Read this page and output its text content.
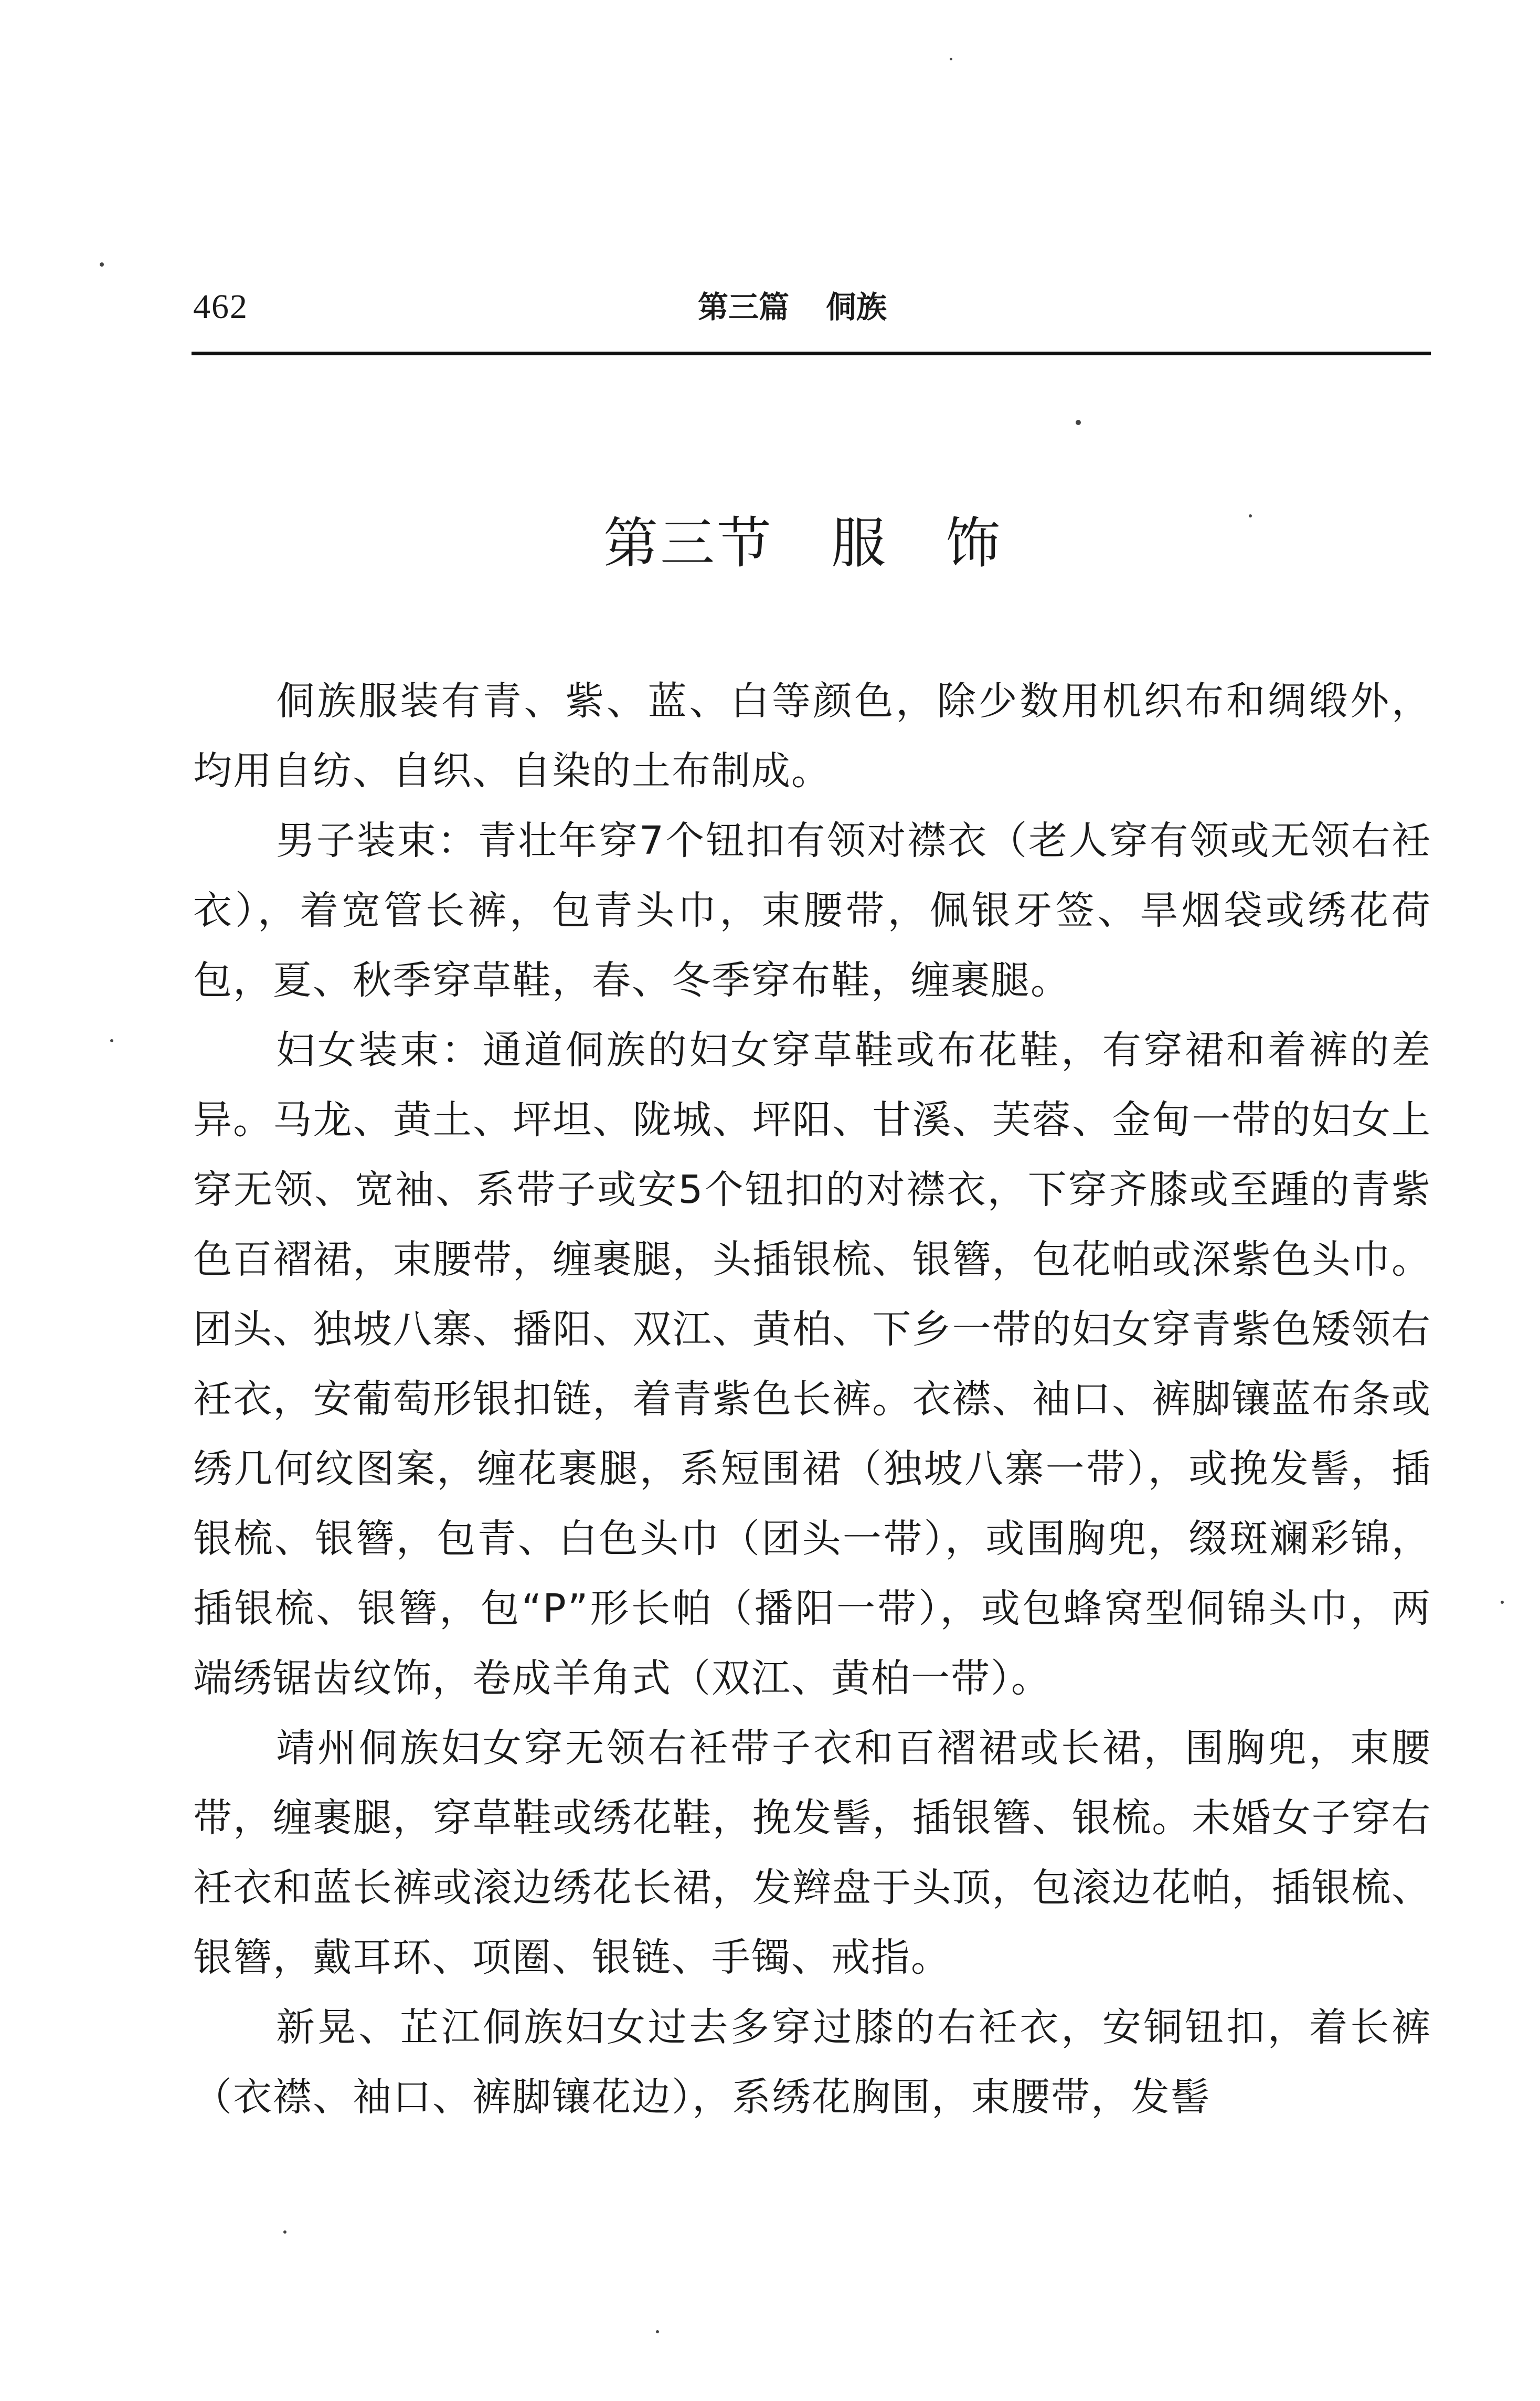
462	第三篇 侗族
第三节 服 饰

侗族服装有青、紫、蓝、白等颜色，除少数用机织布和绸缎外，均用自纺、自织、自染的土布制成。

男子装束：青壮年穿7个钮扣有领对襟衣（老人穿有领或无领右衽衣），着宽管长裤，包青头巾，束腰带，佩银牙签、旱烟袋或绣花荷包，夏、秋季穿草鞋，春、冬季穿布鞋，缠裹腿。

妇女装束：通道侗族的妇女穿草鞋或布花鞋，有穿裙和着裤的差异。马龙、黄土、坪坦、陇城、坪阳、甘溪、芙蓉、金甸一带的妇女上穿无领、宽袖、系带子或安5个钮扣的对襟衣，下穿齐膝或至踵的青紫色百褶裙，束腰带，缠裹腿，头插银梳、银簪，包花帕或深紫色头巾。团头、独坡八寨、播阳、双江、黄柏、下乡一带的妇女穿青紫色矮领右衽衣，安葡萄形银扣链，着青紫色长裤。衣襟、袖口、裤脚镶蓝布条或绣几何纹图案，缠花裹腿，系短围裙（独坡八寨一带），或挽发髻，插银梳、银簪，包青、白色头巾（团头一带），或围胸兜，缀斑斓彩锦，插银梳、银簪，包“P”形长帕（播阳一带），或包蜂窝型侗锦头巾，两端绣锯齿纹饰，卷成羊角式（双江、黄柏一带）。

靖州侗族妇女穿无领右衽带子衣和百褶裙或长裙，围胸兜，束腰带，缠裹腿，穿草鞋或绣花鞋，挽发髻，插银簪、银梳。未婚女子穿右衽衣和蓝长裤或滚边绣花长裙，发辫盘于头顶，包滚边花帕，插银梳、银簪，戴耳环、项圈、银链、手镯、戒指。

新晃、芷江侗族妇女过去多穿过膝的右衽衣，安铜钮扣，着长裤（衣襟、袖口、裤脚镶花边），系绣花胸围，束腰带，发髻
